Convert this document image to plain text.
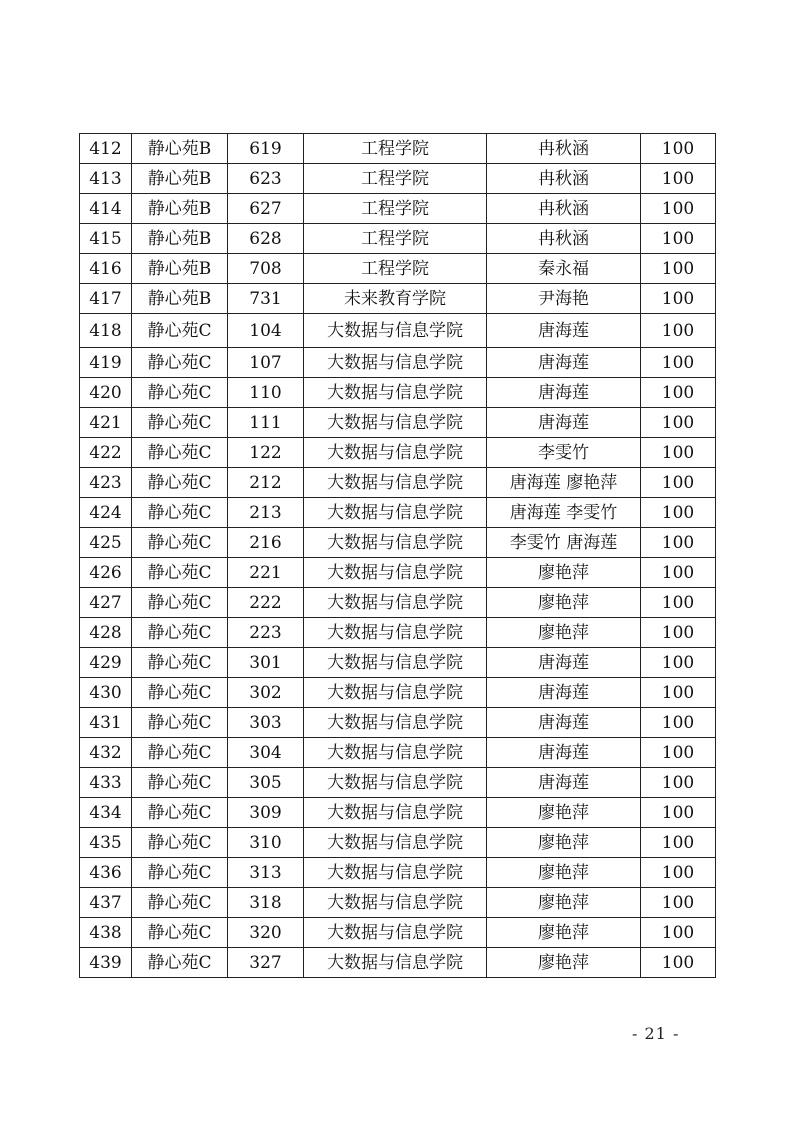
412	静心苑B	619	工程学院	冉秋涵	100
413	静心苑B	623	工程学院	冉秋涵	100
414	静心苑B	627	工程学院	冉秋涵	100
415	静心苑B	628	工程学院	冉秋涵	100
416	静心苑B	708	工程学院	秦永福	100
417	静心苑B	731	未来教育学院	尹海艳	100
418	静心苑C	104	大数据与信息学院	唐海莲	100
419	静心苑C	107	大数据与信息学院	唐海莲	100
420	静心苑C	110	大数据与信息学院	唐海莲	100
421	静心苑C	111	大数据与信息学院	唐海莲	100
422	静心苑C	122	大数据与信息学院	李雯竹	100
423	静心苑C	212	大数据与信息学院	唐海莲 廖艳萍	100
424	静心苑C	213	大数据与信息学院	唐海莲 李雯竹	100
425	静心苑C	216	大数据与信息学院	李雯竹 唐海莲	100
426	静心苑C	221	大数据与信息学院	廖艳萍	100
427	静心苑C	222	大数据与信息学院	廖艳萍	100
428	静心苑C	223	大数据与信息学院	廖艳萍	100
429	静心苑C	301	大数据与信息学院	唐海莲	100
430	静心苑C	302	大数据与信息学院	唐海莲	100
431	静心苑C	303	大数据与信息学院	唐海莲	100
432	静心苑C	304	大数据与信息学院	唐海莲	100
433	静心苑C	305	大数据与信息学院	唐海莲	100
434	静心苑C	309	大数据与信息学院	廖艳萍	100
435	静心苑C	310	大数据与信息学院	廖艳萍	100
436	静心苑C	313	大数据与信息学院	廖艳萍	100
437	静心苑C	318	大数据与信息学院	廖艳萍	100
438	静心苑C	320	大数据与信息学院	廖艳萍	100
439	静心苑C	327	大数据与信息学院	廖艳萍	100
- 21 -
